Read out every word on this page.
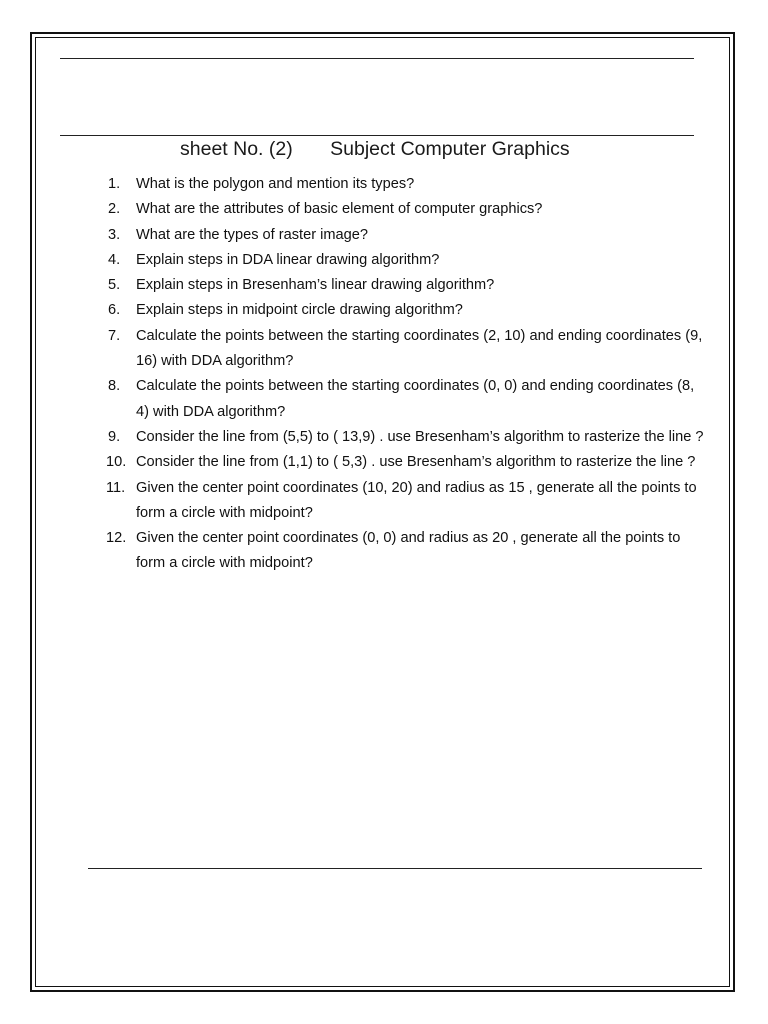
sheet No. (2) Subject Computer Graphics
1.	What is the polygon and mention its types?
2.	What are the attributes of basic element of computer graphics?
3.	What are the types of raster image?
4.	Explain steps in DDA linear drawing algorithm?
5.	Explain steps in Bresenham’s linear drawing algorithm?
6.	Explain steps in midpoint circle drawing algorithm?
7.	Calculate the points between the starting coordinates (2, 10) and ending coordinates (9, 16) with DDA algorithm?
8.	Calculate the points between the starting coordinates (0, 0) and ending coordinates (8, 4) with DDA algorithm?
9.	Consider the line from (5,5) to ( 13,9) . use Bresenham’s algorithm to rasterize the line ?
10. Consider the line from (1,1) to ( 5,3) . use Bresenham’s algorithm to rasterize the line ?
11. Given the center point coordinates (10, 20) and radius as 15 , generate all the points to form a circle with midpoint?
12. Given the center point coordinates (0, 0) and radius as 20 , generate all the points to form a circle with midpoint?
